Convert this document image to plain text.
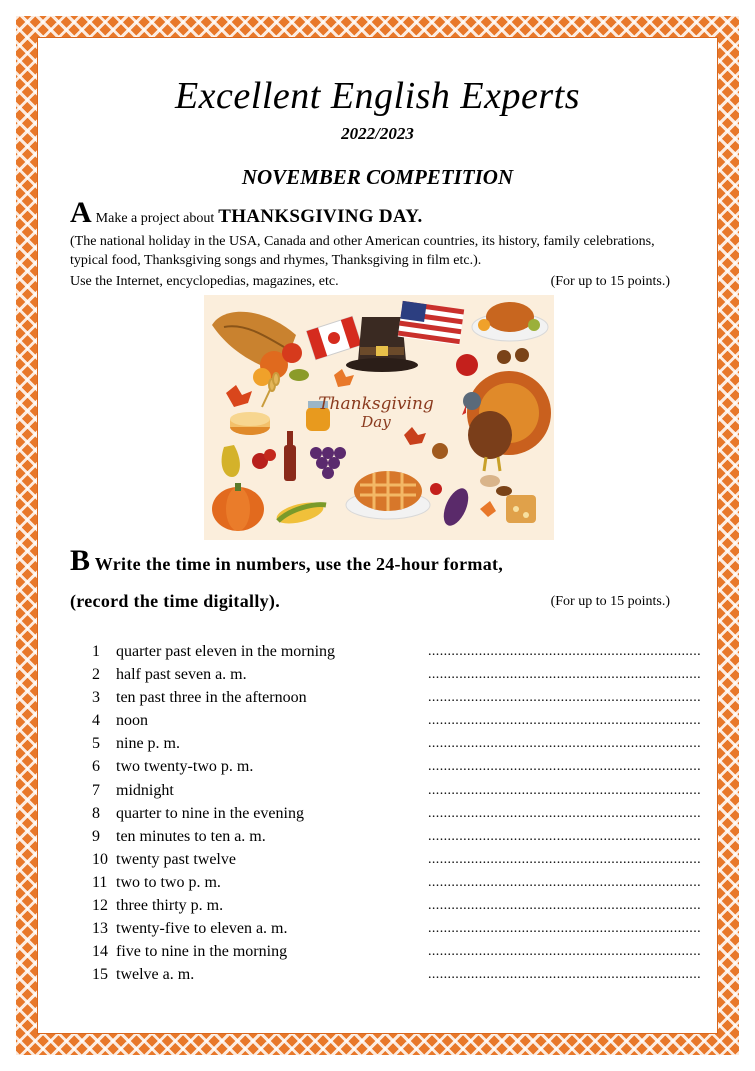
Excellent English Experts
2022/2023
NOVEMBER COMPETITION
A Make a project about THANKSGIVING DAY.
(The national holiday in the USA, Canada and other American countries, its history, family celebrations, typical food, Thanksgiving songs and rhymes, Thanksgiving in film etc.).
Use the Internet, encyclopedias, magazines, etc.	(For up to 15 points.)
Thanksgiving
Day
B Write the time in numbers, use the 24-hour format,
(record the time digitally).	(For up to 15 points.)
1 quarter past eleven in the morning	......................................................................
2 half past seven a. m.	......................................................................
3 ten past three in the afternoon	......................................................................
4 noon	......................................................................
5 nine p. m.	......................................................................
6 two twenty-two p. m.	......................................................................
7 midnight	......................................................................
8 quarter to nine in the evening	......................................................................
9 ten minutes to ten a. m.	......................................................................
10 twenty past twelve	......................................................................
11 two to two p. m.	......................................................................
12 three thirty p. m.	......................................................................
13 twenty-five to eleven a. m.	......................................................................
14 five to nine in the morning	......................................................................
15 twelve a. m.	......................................................................
